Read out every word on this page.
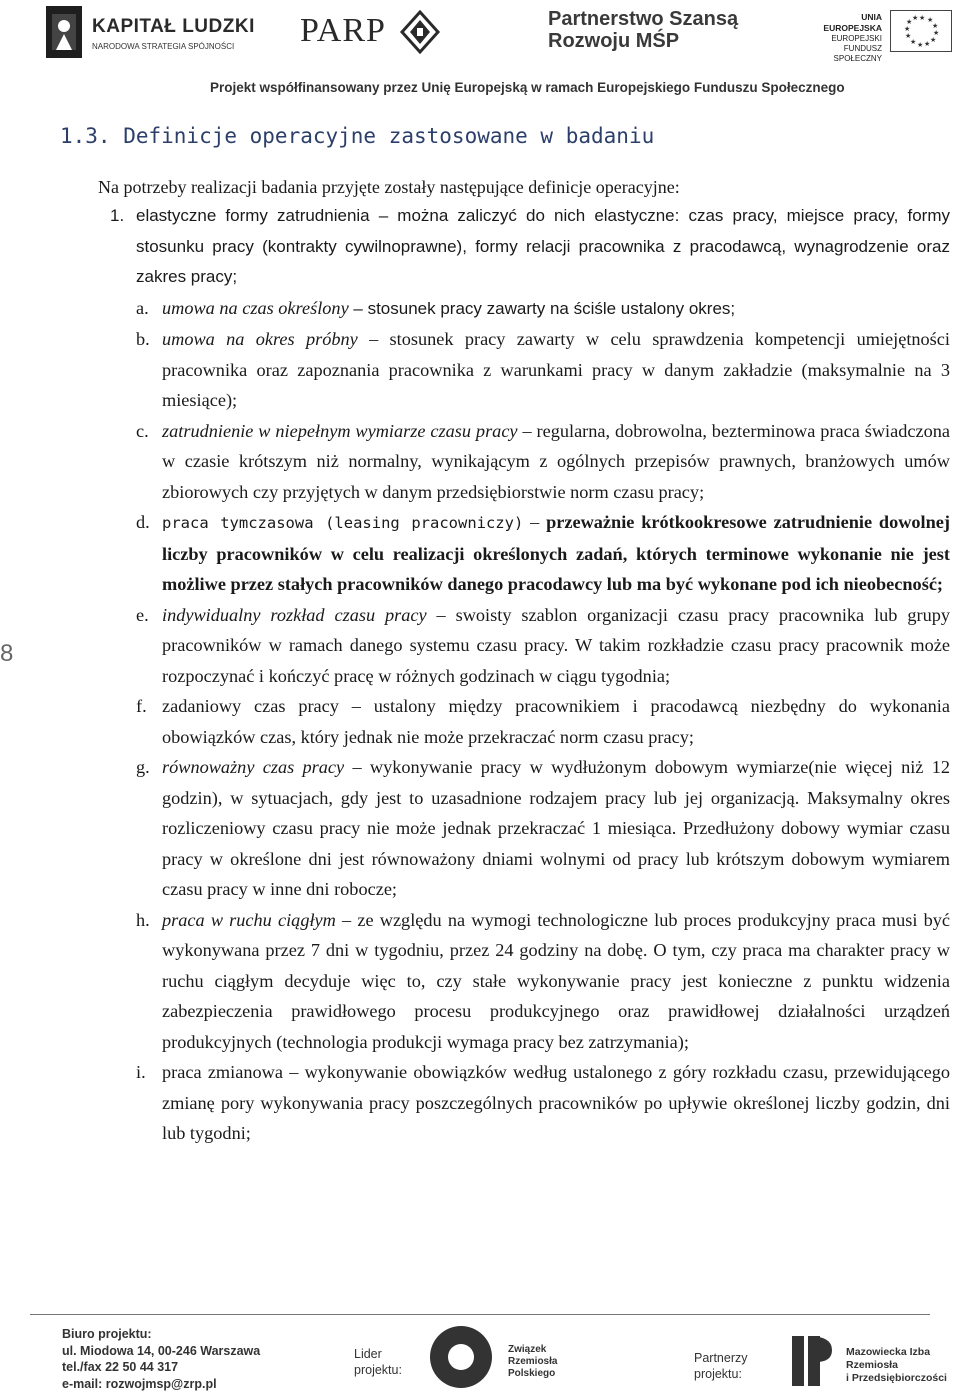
KAPITAŁ LUDZKI
NARODOWA STRATEGIA SPÓJNOŚCI PARP	Partnerstwo Szansą
Rozwoju MŚP
UNIA EUROPEJSKA
EUROPEJSKI
FUNDUSZ SPOŁECZNY
★ ★
★
★
★
★
★
★
★
★
★ ★
Projekt współfinansowany przez Unię Europejską w ramach Europejskiego Funduszu Społecznego
8
1.3. Definicje operacyjne zastosowane w badaniu
Na potrzeby realizacji badania przyjęte zostały następujące definicje operacyjne:
1. elastyczne formy zatrudnienia – można zaliczyć do nich elastyczne: czas pracy, miejsce pracy, formy stosunku pracy (kontrakty cywilnoprawne), formy relacji pracownika z pracodawcą, wynagrodzenie oraz zakres pracy;
a. umowa na czas określony – stosunek pracy zawarty na ściśle ustalony okres;
b. umowa na okres próbny – stosunek pracy zawarty w celu sprawdzenia kompetencji umiejętności pracownika oraz zapoznania pracownika z warunkami pracy w danym zakładzie (maksymalnie na 3 miesiące);
c. zatrudnienie w niepełnym wymiarze czasu pracy – regularna, dobrowolna, bezterminowa praca świadczona w czasie krótszym niż normalny, wynikającym z ogólnych przepisów prawnych, branżowych umów zbiorowych czy przyjętych w danym przedsiębiorstwie norm czasu pracy;
d. praca tymczasowa (leasing pracowniczy) – przeważnie krótkookresowe zatrudnienie dowolnej liczby pracowników w celu realizacji określonych zadań, których terminowe wykonanie nie jest możliwe przez stałych pracowników danego pracodawcy lub ma być wykonane pod ich nieobecność;
e. indywidualny rozkład czasu pracy – swoisty szablon organizacji czasu pracy pracownika lub grupy pracowników w ramach danego systemu czasu pracy. W takim rozkładzie czasu pracy pracownik może rozpoczynać i kończyć pracę w różnych godzinach w ciągu tygodnia;
f. zadaniowy czas pracy – ustalony między pracownikiem i pracodawcą niezbędny do wykonania obowiązków czas, który jednak nie może przekraczać norm czasu pracy;
g. równoważny czas pracy – wykonywanie pracy w wydłużonym dobowym wymiarze(nie więcej niż 12 godzin), w sytuacjach, gdy jest to uzasadnione rodzajem pracy lub jej organizacją. Maksymalny okres rozliczeniowy czasu pracy nie może jednak przekraczać 1 miesiąca. Przedłużony dobowy wymiar czasu pracy w określone dni jest równoważony dniami wolnymi od pracy lub krótszym dobowym wymiarem czasu pracy w inne dni robocze;
h. praca w ruchu ciągłym – ze względu na wymogi technologiczne lub proces produkcyjny praca musi być wykonywana przez 7 dni w tygodniu, przez 24 godziny na dobę. O tym, czy praca ma charakter pracy w ruchu ciągłym decyduje więc to, czy stałe wykonywanie pracy jest konieczne z punktu widzenia zabezpieczenia prawidłowego procesu produkcyjnego oraz prawidłowej działalności urządzeń produkcyjnych (technologia produkcji wymaga pracy bez zatrzymania);
i. praca zmianowa – wykonywanie obowiązków według ustalonego z góry rozkładu czasu, przewidującego zmianę pory wykonywania pracy poszczególnych pracowników po upływie określonej liczby godzin, dni lub tygodni;
Biuro projektu:
ul. Miodowa 14, 00-246 Warszawa
tel./fax 22 50 44 317
e-mail: rozwojmsp@zrp.pl
Lider
projektu:
Związek
Rzemiosła
Polskiego
Partnerzy
projektu:
Mazowiecka Izba
Rzemiosła
i Przedsiębiorczości
